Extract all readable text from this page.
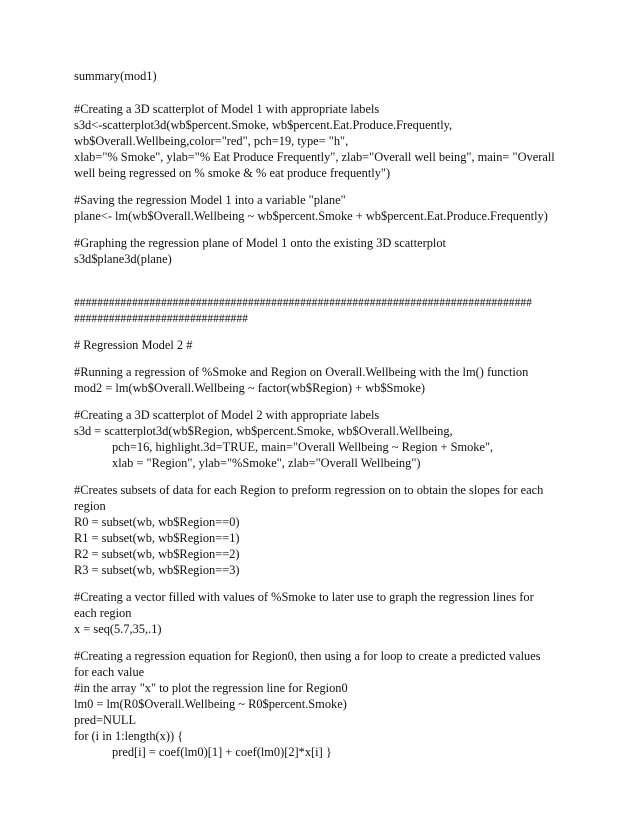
summary(mod1)
#Creating a 3D scatterplot of Model 1 with appropriate labels
s3d<-scatterplot3d(wb$percent.Smoke, wb$percent.Eat.Produce.Frequently,
wb$Overall.Wellbeing,color="red", pch=19, type= "h",
xlab="% Smoke", ylab="% Eat Produce Frequently", zlab="Overall well being", main= "Overall
well being regressed on % smoke & % eat produce frequently")
#Saving the regression Model 1 into a variable "plane"
plane<- lm(wb$Overall.Wellbeing ~ wb$percent.Smoke + wb$percent.Eat.Produce.Frequently)
#Graphing the regression plane of Model 1 onto the existing 3D scatterplot
s3d$plane3d(plane)
###############################################################################
##############################
# Regression Model 2 #
#Running a regression of %Smoke and Region on Overall.Wellbeing with the lm() function
mod2 = lm(wb$Overall.Wellbeing ~ factor(wb$Region) + wb$Smoke)
#Creating a 3D scatterplot of Model 2 with appropriate labels
s3d = scatterplot3d(wb$Region, wb$percent.Smoke, wb$Overall.Wellbeing,
pch=16, highlight.3d=TRUE, main="Overall Wellbeing ~ Region + Smoke",
xlab = "Region", ylab="%Smoke", zlab="Overall Wellbeing")
#Creates subsets of data for each Region to preform regression on to obtain the slopes for each
region
R0 = subset(wb, wb$Region==0)
R1 = subset(wb, wb$Region==1)
R2 = subset(wb, wb$Region==2)
R3 = subset(wb, wb$Region==3)
#Creating a vector filled with values of %Smoke to later use to graph the regression lines for
each region
x = seq(5.7,35,.1)
#Creating a regression equation for Region0, then using a for loop to create a predicted values
for each value
#in the array "x" to plot the regression line for Region0
lm0 = lm(R0$Overall.Wellbeing ~ R0$percent.Smoke)
pred=NULL
for (i in 1:length(x)) {
pred[i] = coef(lm0)[1] + coef(lm0)[2]*x[i] }
